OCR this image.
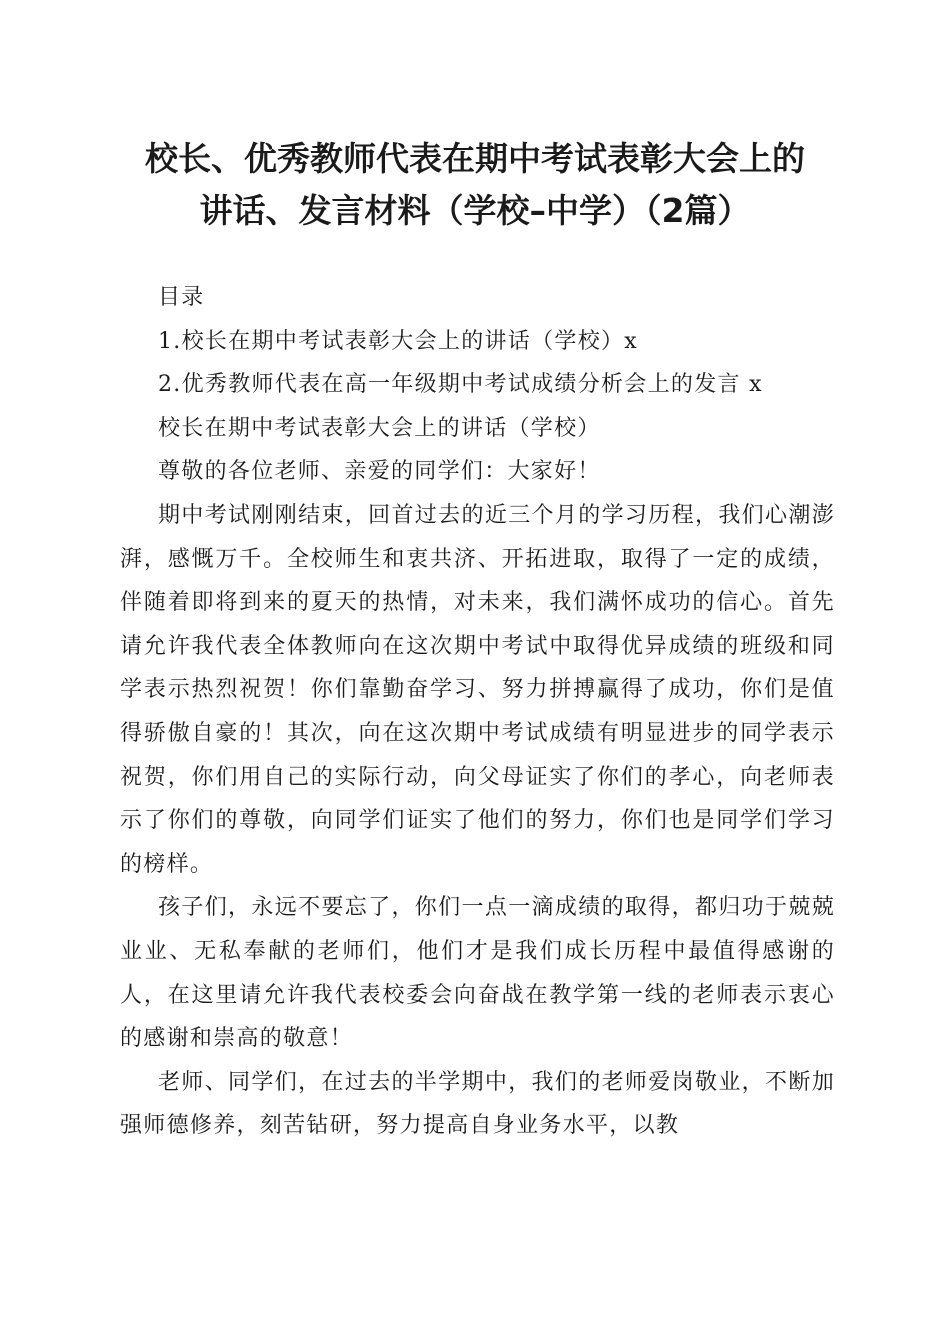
校长、优秀教师代表在期中考试表彰大会上的
讲话、发言材料（学校–中学）（2篇）

目录

1.校长在期中考试表彰大会上的讲话（学校）x

2.优秀教师代表在高一年级期中考试成绩分析会上的发言 x

校长在期中考试表彰大会上的讲话（学校）

尊敬的各位老师、亲爱的同学们：大家好！

期中考试刚刚结束，回首过去的近三个月的学习历程，我们心潮澎湃，感慨万千。全校师生和衷共济、开拓进取，取得了一定的成绩，伴随着即将到来的夏天的热情，对未来，我们满怀成功的信心。首先请允许我代表全体教师向在这次期中考试中取得优异成绩的班级和同学表示热烈祝贺！你们靠勤奋学习、努力拼搏赢得了成功，你们是值得骄傲自豪的！其次，向在这次期中考试成绩有明显进步的同学表示祝贺，你们用自己的实际行动，向父母证实了你们的孝心，向老师表示了你们的尊敬，向同学们证实了他们的努力，你们也是同学们学习的榜样。

孩子们，永远不要忘了，你们一点一滴成绩的取得，都归功于兢兢业业、无私奉献的老师们，他们才是我们成长历程中最值得感谢的人，在这里请允许我代表校委会向奋战在教学第一线的老师表示衷心的感谢和崇高的敬意！

老师、同学们，在过去的半学期中，我们的老师爱岗敬业，不断加强师德修养，刻苦钻研，努力提高自身业务水平，以教
